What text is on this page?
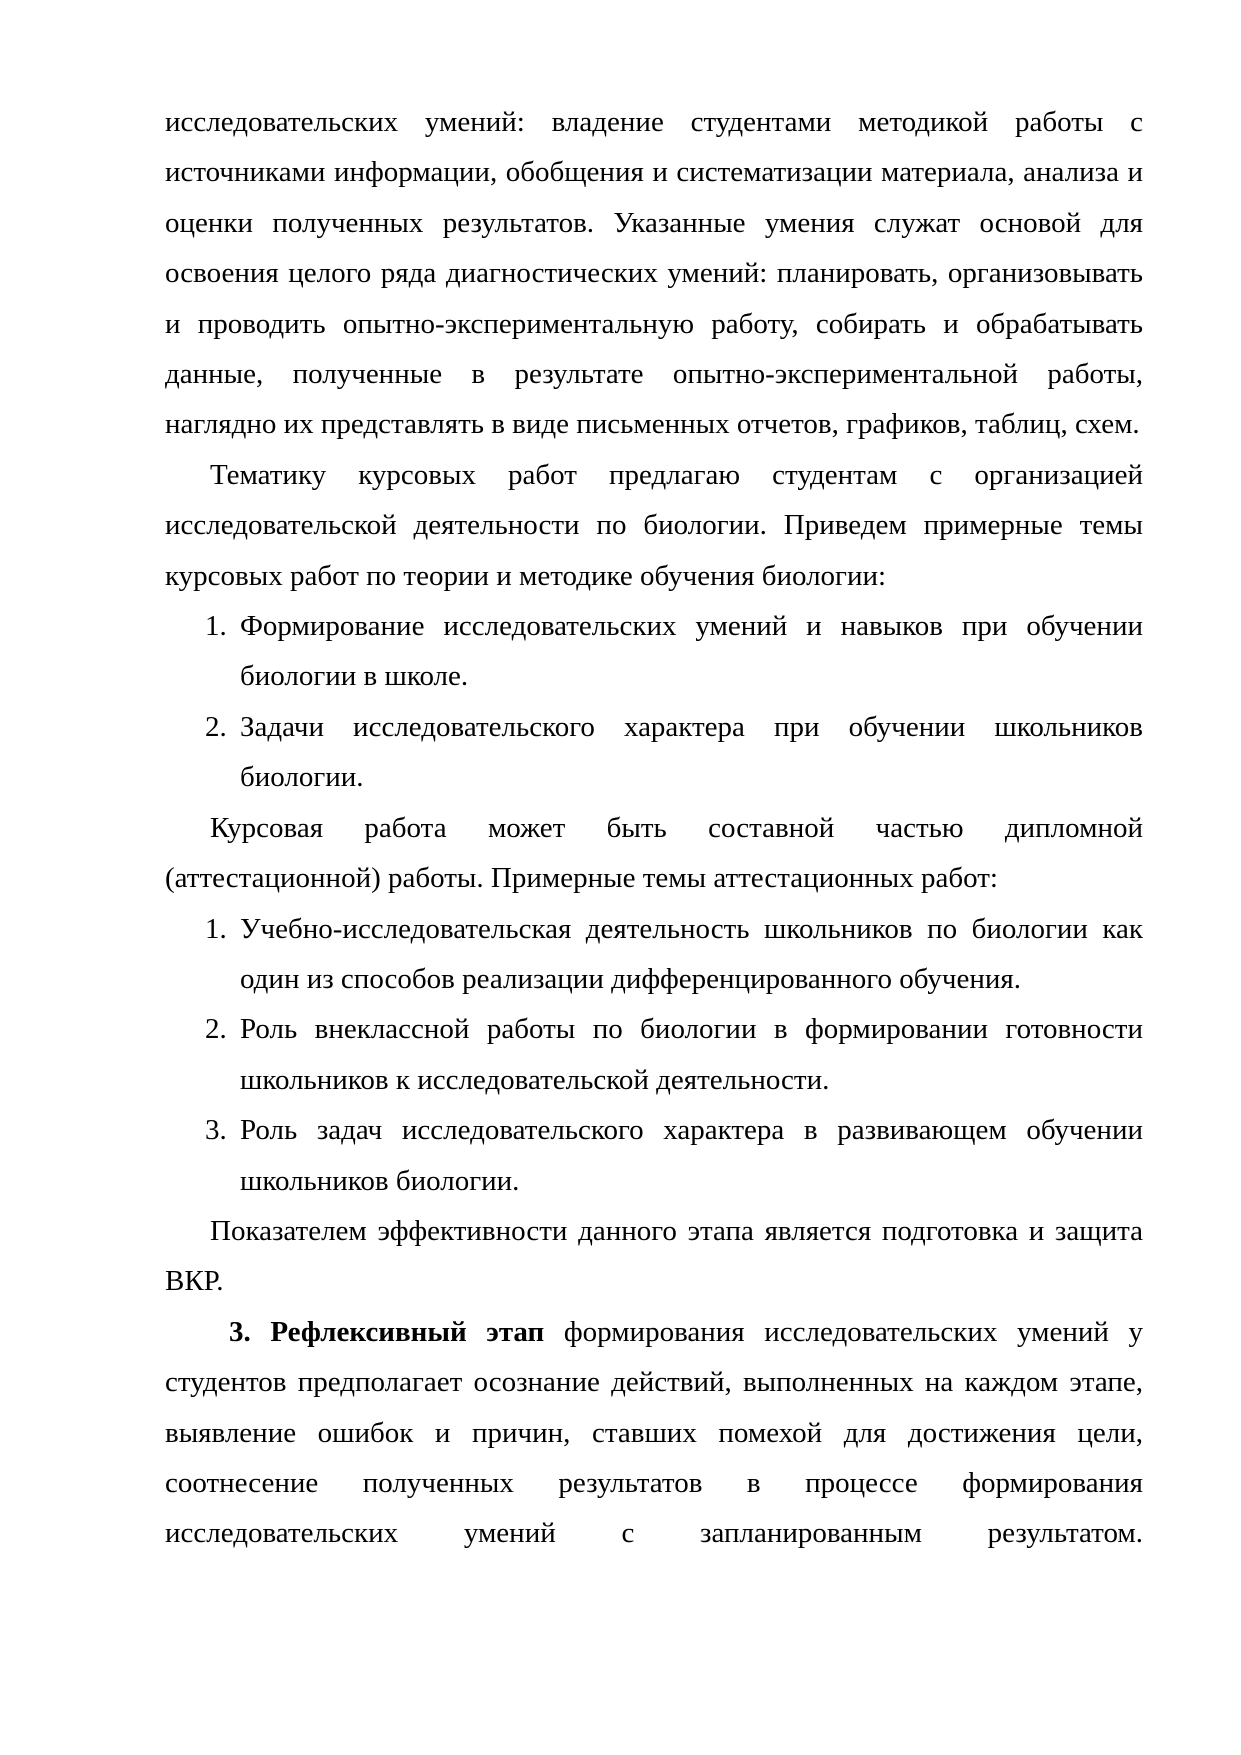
исследовательских умений: владение студентами методикой работы с источниками информации, обобщения и систематизации материала, анализа и оценки полученных результатов. Указанные умения служат основой для освоения целого ряда диагностических умений: планировать, организовывать и проводить опытно-экспериментальную работу, собирать и обрабатывать данные, полученные в результате опытно-экспериментальной работы, наглядно их представлять в виде письменных отчетов, графиков, таблиц, схем.

Тематику курсовых работ предлагаю студентам с организацией исследовательской деятельности по биологии. Приведем примерные темы курсовых работ по теории и методике обучения биологии:

Формирование исследовательских умений и навыков при обучении биологии в школе.
Задачи исследовательского характера при обучении школьников биологии.

Курсовая работа может быть составной частью дипломной (аттестационной) работы. Примерные темы аттестационных работ:

Учебно-исследовательская деятельность школьников по биологии как один из способов реализации дифференцированного обучения.
Роль внеклассной работы по биологии в формировании готовности школьников к исследовательской деятельности.
Роль задач исследовательского характера в развивающем обучении школьников биологии.

Показателем эффективности данного этапа является подготовка и защита ВКР.

3. Рефлексивный этап формирования исследовательских умений у студентов предполагает осознание действий, выполненных на каждом этапе, выявление ошибок и причин, ставших помехой для достижения цели, соотнесение полученных результатов в процессе формирования исследовательских умений с запланированным результатом.
